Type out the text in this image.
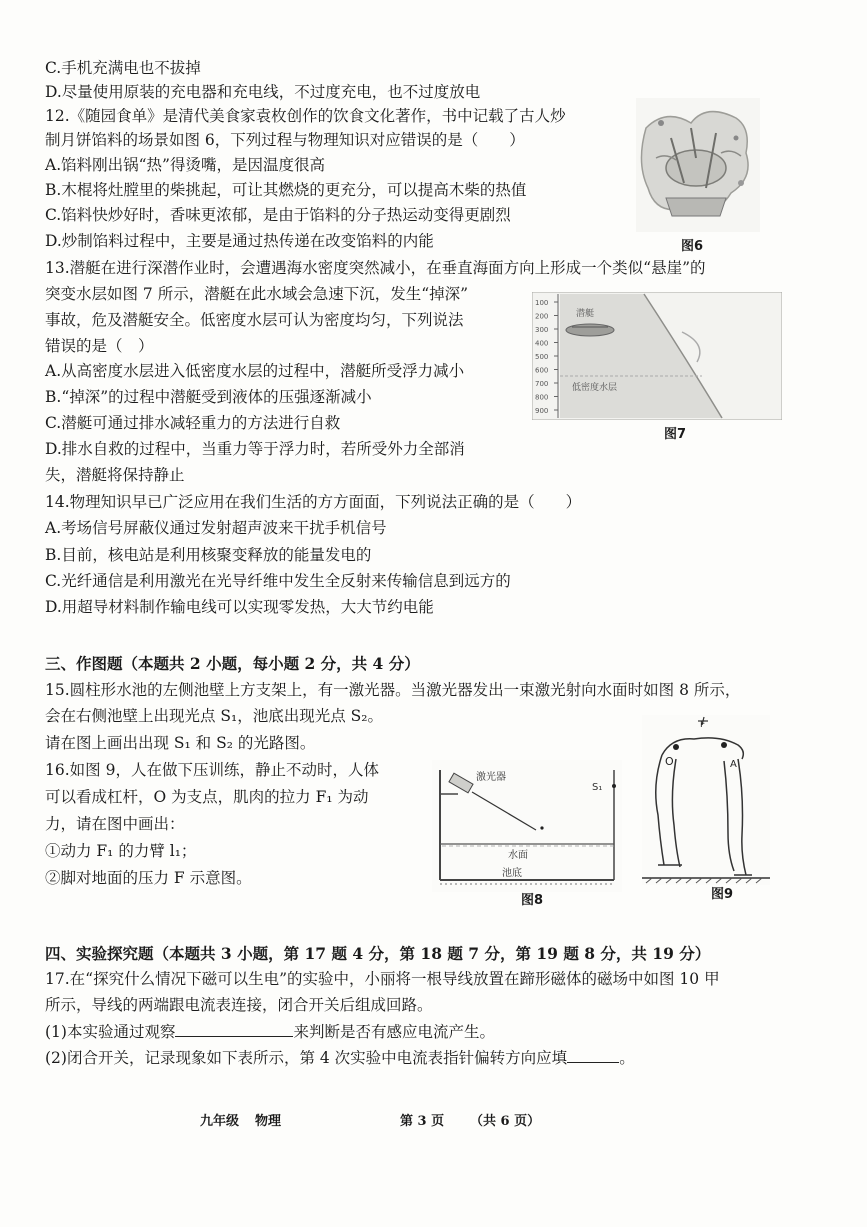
C.手机充满电也不拔掉
D.尽量使用原装的充电器和充电线，不过度充电，也不过度放电
12.《随园食单》是清代美食家袁枚创作的饮食文化著作，书中记载了古人炒
制月饼馅料的场景如图 6，下列过程与物理知识对应错误的是（　　）
A.馅料刚出锅“热”得烫嘴，是因温度很高
B.木棍将灶膛里的柴挑起，可让其燃烧的更充分，可以提高木柴的热值
C.馅料快炒好时，香味更浓郁，是由于馅料的分子热运动变得更剧烈
D.炒制馅料过程中，主要是通过热传递在改变馅料的内能	图6
13.潜艇在进行深潜作业时，会遭遇海水密度突然减小，在垂直海面方向上形成一个类似“悬崖”的
突变水层如图 7 所示，潜艇在此水域会急速下沉，发生“掉深”
事故，危及潜艇安全。低密度水层可认为密度均匀，下列说法
错误的是（　）
A.从高密度水层进入低密度水层的过程中，潜艇所受浮力减小
B.“掉深”的过程中潜艇受到液体的压强逐渐减小
C.潜艇可通过排水减轻重力的方法进行自救
D.排水自救的过程中，当重力等于浮力时，若所受外力全部消
失，潜艇将保持静止
潜艇
低密度水层
100
200
300
400
500
600
700
800
900
图7
14.物理知识早已广泛应用在我们生活的方方面面，下列说法正确的是（　　）
A.考场信号屏蔽仪通过发射超声波来干扰手机信号
B.目前，核电站是利用核聚变释放的能量发电的
C.光纤通信是利用激光在光导纤维中发生全反射来传输信息到远方的
D.用超导材料制作输电线可以实现零发热，大大节约电能
三、作图题（本题共 2 小题，每小题 2 分，共 4 分）
15.圆柱形水池的左侧池壁上方支架上，有一激光器。当激光器发出一束激光射向水面时如图 8 所示，
会在右侧池壁上出现光点 S₁，池底出现光点 S₂。
请在图上画出出现 S₁ 和 S₂ 的光路图。
16.如图 9，人在做下压训练，静止不动时，人体
可以看成杠杆，O 为支点，肌肉的拉力 F₁ 为动
力，请在图中画出：
①动力 F₁ 的力臂 l₁；
②脚对地面的压力 F 示意图。
激光器
S₁
水面
池底
图8
O
F
A
图9
四、实验探究题（本题共 3 小题，第 17 题 4 分，第 18 题 7 分，第 19 题 8 分，共 19 分）
17.在“探究什么情况下磁可以生电”的实验中，小丽将一根导线放置在蹄形磁体的磁场中如图 10 甲
所示，导线的两端跟电流表连接，闭合开关后组成回路。
(1)本实验通过观察	来判断是否有感应电流产生。
(2)闭合开关，记录现象如下表所示，第 4 次实验中电流表指针偏转方向应填	。
九年级 物理	第 3 页 （共 6 页）
